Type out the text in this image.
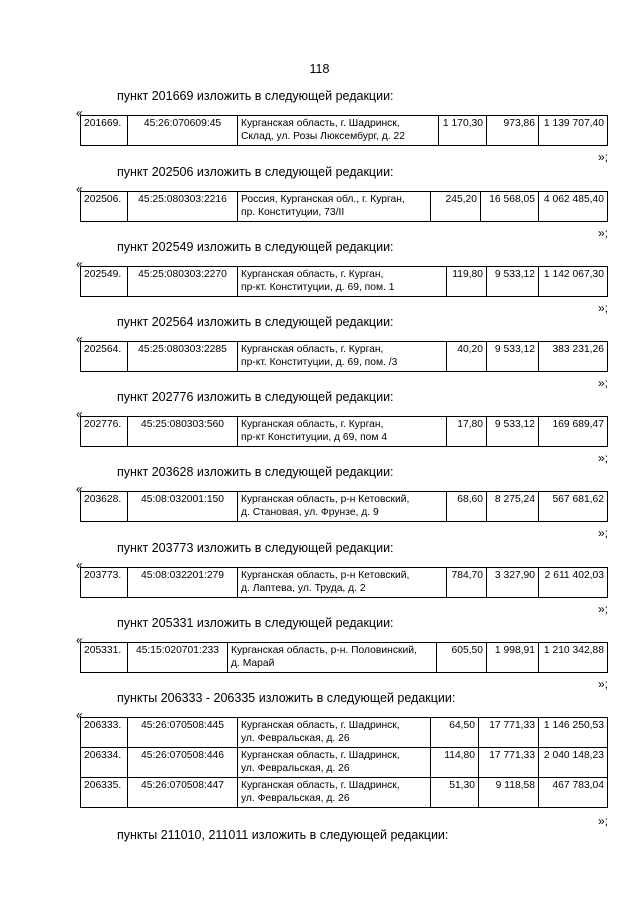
118
пункт 201669 изложить в следующей редакции:
«
201669.	45:26:070609:45	Курганская область, г. Шадринск,
Склад, ул. Розы Люксембург, д. 22
	1 170,30	973,86	1 139 707,40
»;
пункт 202506 изложить в следующей редакции:
«
202506.	45:25:080303:2216	Россия, Курганская обл., г. Курган,
пр. Конституции, 73/II
	245,20	16 568,05	4 062 485,40
»;
пункт 202549 изложить в следующей редакции:
«
202549.	45:25:080303:2270	Курганская область, г. Курган,
пр-кт. Конституции, д. 69, пом. 1
	119,80	9 533,12	1 142 067,30
»;
пункт 202564 изложить в следующей редакции:
«
202564.	45:25:080303:2285	Курганская область, г. Курган,
пр-кт. Конституции, д. 69, пом. /3
	40,20	9 533,12	383 231,26
»;
пункт 202776 изложить в следующей редакции:
«
202776.	45:25:080303:560	Курганская область, г. Курган,
пр-кт Конституции, д 69, пом 4
	17,80	9 533,12	169 689,47
»;
пункт 203628 изложить в следующей редакции:
«
203628.	45:08:032001:150	Курганская область, р-н Кетовский,
д. Становая, ул. Фрунзе, д. 9
	68,60	8 275,24	567 681,62
»;
пункт 203773 изложить в следующей редакции:
«
203773.	45:08:032201:279	Курганская область, р-н Кетовский,
д. Лаптева, ул. Труда, д. 2
	784,70	3 327,90	2 611 402,03
»;
пункт 205331 изложить в следующей редакции:
«
205331.	45:15:020701:233	Курганская область, р-н. Половинский,
д. Марай
	605,50	1 998,91	1 210 342,88
»;
пункты 206333 - 206335 изложить в следующей редакции:
«
206333.	45:26:070508:445	Курганская область, г. Шадринск,
ул. Февральская, д. 26	64,50	17 771,33	1 146 250,53
206334.	45:26:070508:446	Курганская область, г. Шадринск,
ул. Февральская, д. 26	114,80	17 771,33	2 040 148,23
206335.	45:26:070508:447	Курганская область, г. Шадринск,
ул. Февральская, д. 26	51,30	9 118,58	467 783,04
»;
пункты 211010, 211011 изложить в следующей редакции:
